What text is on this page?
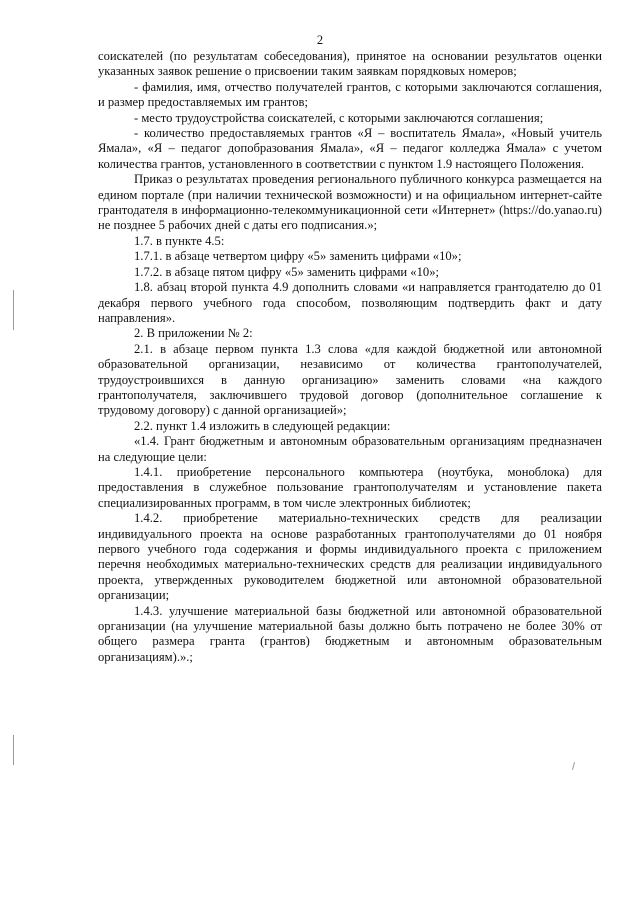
2

соискателей (по результатам собеседования), принятое на основании результатов оценки указанных заявок решение о присвоении таким заявкам порядковых номеров;

- фамилия, имя, отчество получателей грантов, с которыми заключаются соглашения, и размер предоставляемых им грантов;

- место трудоустройства соискателей, с которыми заключаются соглашения;

- количество предоставляемых грантов «Я – воспитатель Ямала», «Новый учитель Ямала», «Я – педагог допобразования Ямала», «Я – педагог колледжа Ямала» с учетом количества грантов, установленного в соответствии с пунктом 1.9 настоящего Положения.

Приказ о результатах проведения регионального публичного конкурса размещается на едином портале (при наличии технической возможности) и на официальном интернет-сайте грантодателя в информационно-телекоммуникационной сети «Интернет» (https://do.yanao.ru) не позднее 5 рабочих дней с даты его подписания.»;

1.7. в пункте 4.5:

1.7.1. в абзаце четвертом цифру «5» заменить цифрами «10»;

1.7.2. в абзаце пятом цифру «5» заменить цифрами «10»;

1.8. абзац второй пункта 4.9 дополнить словами «и направляется грантодателю до 01 декабря первого учебного года способом, позволяющим подтвердить факт и дату направления».

2. В приложении № 2:

2.1. в абзаце первом пункта 1.3 слова «для каждой бюджетной или автономной образовательной организации, независимо от количества грантополучателей, трудоустроившихся в данную организацию» заменить словами «на каждого грантополучателя, заключившего трудовой договор (дополнительное соглашение к трудовому договору) с данной организацией»;

2.2. пункт 1.4 изложить в следующей редакции:

«1.4. Грант бюджетным и автономным образовательным организациям предназначен на следующие цели:

1.4.1. приобретение персонального компьютера (ноутбука, моноблока) для предоставления в служебное пользование грантополучателям и установление пакета специализированных программ, в том числе электронных библиотек;

1.4.2. приобретение материально-технических средств для реализации индивидуального проекта на основе разработанных грантополучателями до 01 ноября первого учебного года содержания и формы индивидуального проекта с приложением перечня необходимых материально-технических средств для реализации индивидуального проекта, утвержденных руководителем бюджетной или автономной образовательной организации;

1.4.3. улучшение материальной базы бюджетной или автономной образовательной организации (на улучшение материальной базы должно быть потрачено не более 30% от общего размера гранта (грантов) бюджетным и автономным образовательным организациям).».;
